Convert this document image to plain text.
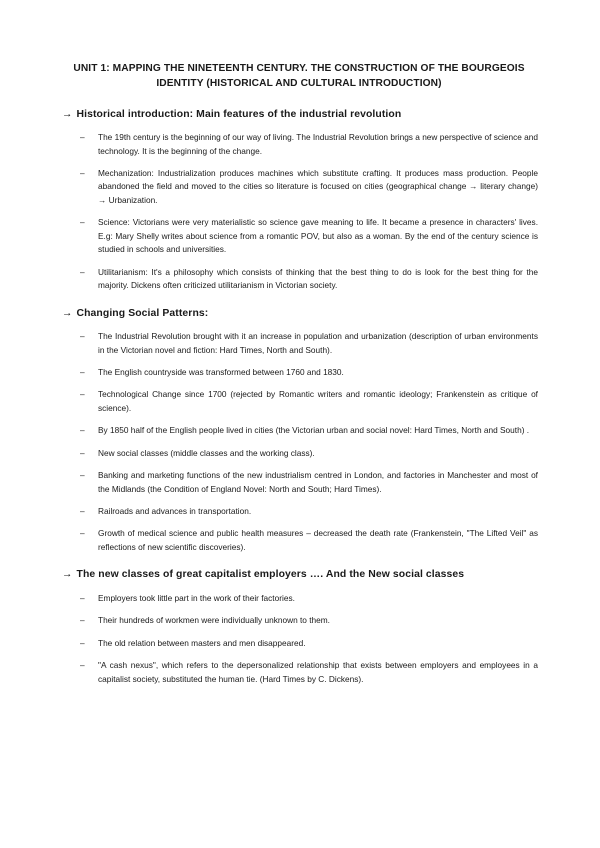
UNIT 1: MAPPING THE NINETEENTH CENTURY. THE CONSTRUCTION OF THE BOURGEOIS IDENTITY (HISTORICAL AND CULTURAL INTRODUCTION)
→ Historical introduction: Main features of the industrial revolution
– The 19th century is the beginning of our way of living. The Industrial Revolution brings a new perspective of science and technology. It is the beginning of the change.
– Mechanization: Industrialization produces machines which substitute crafting. It produces mass production. People abandoned the field and moved to the cities so literature is focused on cities (geographical change → literary change) → Urbanization.
– Science: Victorians were very materialistic so science gave meaning to life. It became a presence in characters' lives. E.g: Mary Shelly writes about science from a romantic POV, but also as a woman. By the end of the century science is studied in schools and universities.
– Utilitarianism: It's a philosophy which consists of thinking that the best thing to do is look for the best thing for the majority. Dickens often criticized utilitarianism in Victorian society.
→ Changing Social Patterns:
– The Industrial Revolution brought with it an increase in population and urbanization (description of urban environments in the Victorian novel and fiction: Hard Times, North and South).
– The English countryside was transformed between 1760 and 1830.
– Technological Change since 1700 (rejected by Romantic writers and romantic ideology; Frankenstein as critique of science).
– By 1850 half of the English people lived in cities (the Victorian urban and social novel: Hard Times, North and South) .
– New social classes (middle classes and the working class).
– Banking and marketing functions of the new industrialism centred in London, and factories in Manchester and most of the Midlands (the Condition of England Novel: North and South; Hard Times).
– Railroads and advances in transportation.
– Growth of medical science and public health measures – decreased the death rate (Frankenstein, "The Lifted Veil" as reflections of new scientific discoveries).
→ The new classes of great capitalist employers …. And the New social classes
– Employers took little part in the work of their factories.
– Their hundreds of workmen were individually unknown to them.
– The old relation between masters and men disappeared.
– "A cash nexus", which refers to the depersonalized relationship that exists between employers and employees in a capitalist society, substituted the human tie. (Hard Times by C. Dickens).
